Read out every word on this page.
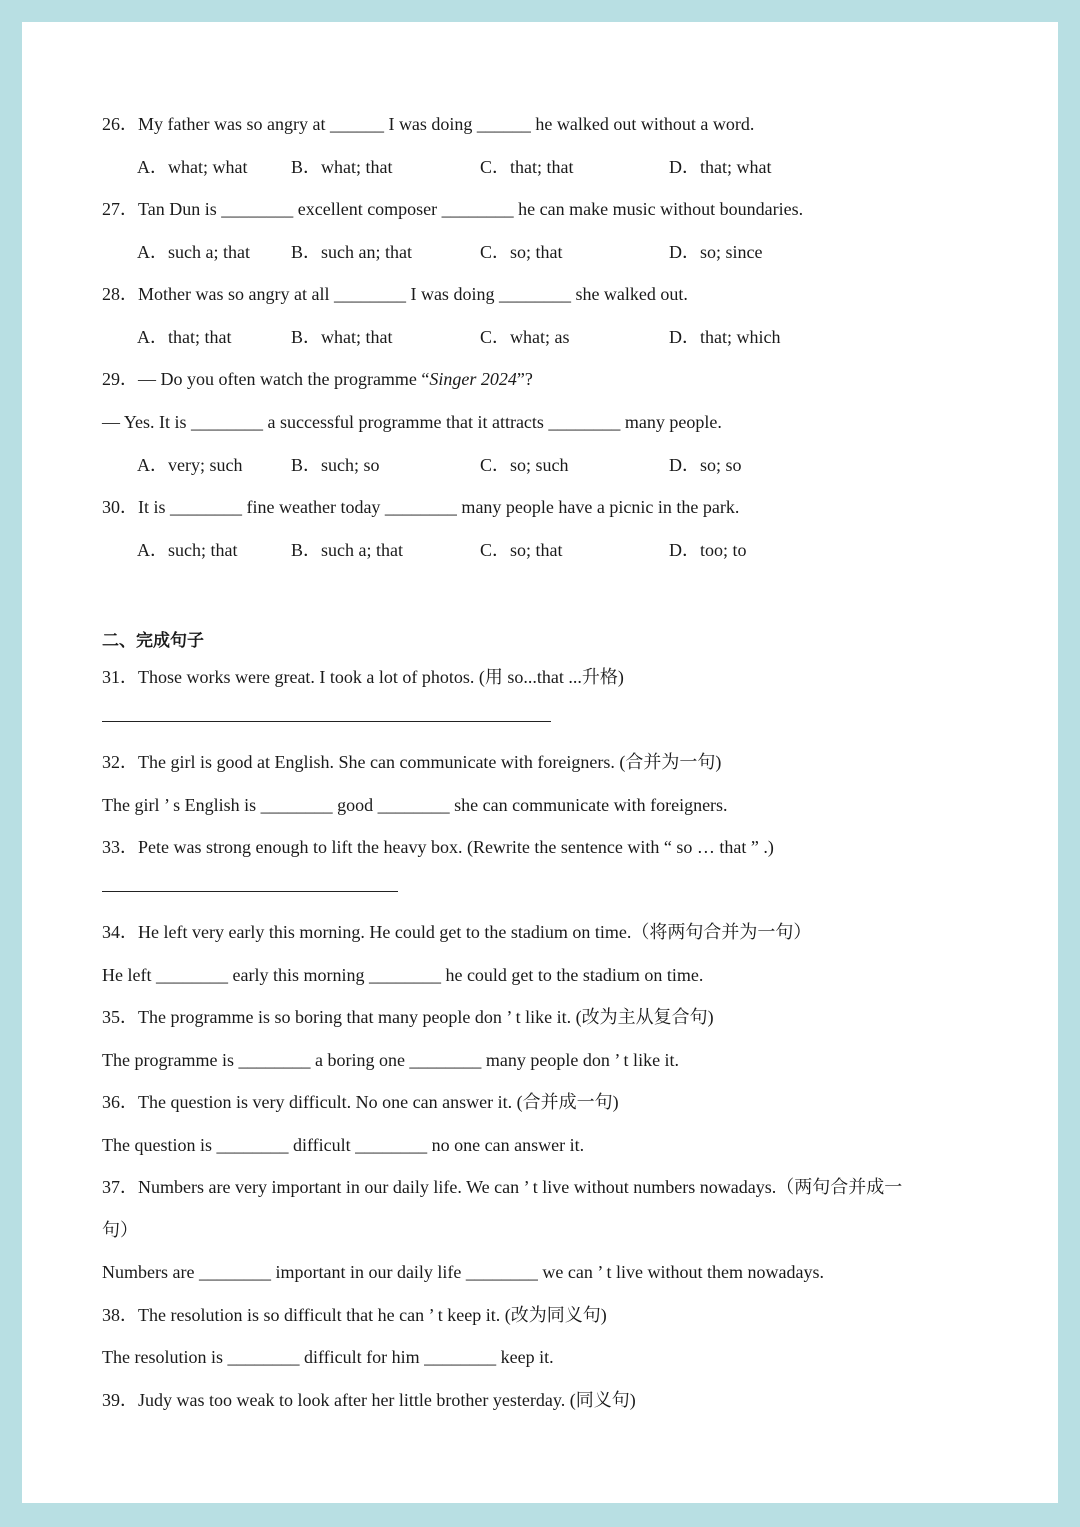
26．My father was so angry at ______ I was doing ______ he walked out without a word.
A．what; what B．what; that	C．that; that	D．that; what
27．Tan Dun is ________ excellent composer ________ he can make music without boundaries.
A．such a; that B．such an; that	C．so; that	D．so; since
28．Mother was so angry at all ________ I was doing ________ she walked out.
A．that; that	B．what; that	C．what; as	D．that; which
29．— Do you often watch the programme “Singer 2024”?
— Yes. It is ________ a successful programme that it attracts ________ many people.
A．very; such	B．such; so	C．so; such	D．so; so
30．It is ________ fine weather today ________ many people have a picnic in the park.
A．such; that	B．such a; that	C．so; that	D．too; to
二、完成句子
31．Those works were great. I took a lot of photos. (用 so...that ...升格)
32．The girl is good at English. She can communicate with foreigners. (合并为一句)
The girl ’ s English is ________ good ________ she can communicate with foreigners.
33．Pete was strong enough to lift the heavy box. (Rewrite the sentence with “ so … that ” .)
34．He left very early this morning. He could get to the stadium on time.（将两句合并为一句）
He left ________ early this morning ________ he could get to the stadium on time.
35．The programme is so boring that many people don ’ t like it. (改为主从复合句)
The programme is ________ a boring one ________ many people don ’ t like it.
36．The question is very difficult. No one can answer it. (合并成一句)
The question is ________ difficult ________ no one can answer it.
37．Numbers are very important in our daily life. We can ’ t live without numbers nowadays.（两句合并成一
句）
Numbers are ________ important in our daily life ________ we can ’ t live without them nowadays.
38．The resolution is so difficult that he can ’ t keep it. (改为同义句)
The resolution is ________ difficult for him ________ keep it.
39．Judy was too weak to look after her little brother yesterday. (同义句)
